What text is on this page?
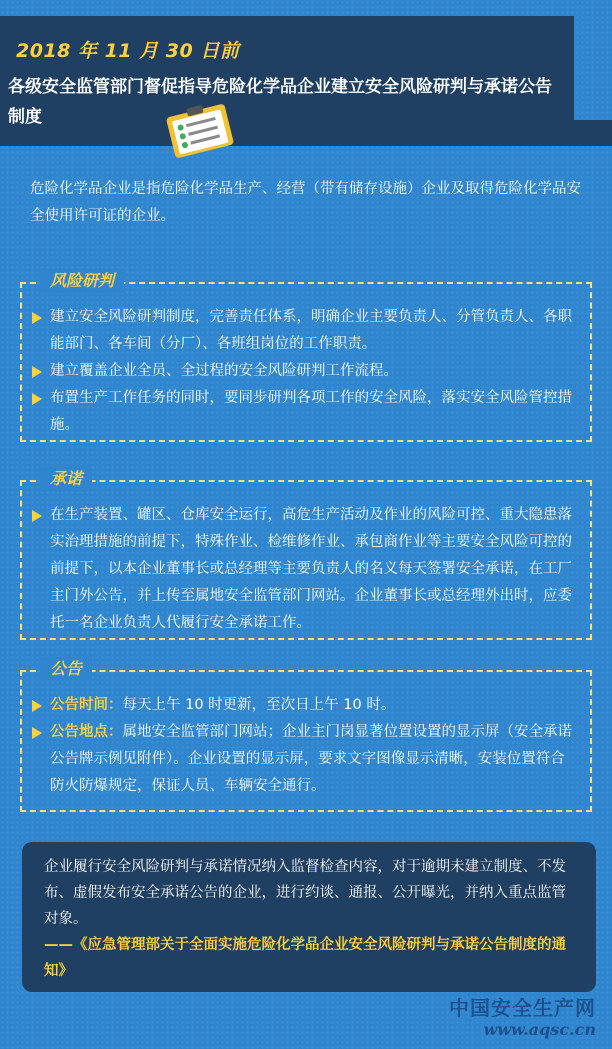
2018 年 11 月 30 日前
各级安全监管部门督促指导危险化学品企业建立安全风险研判与承诺公告制度
危险化学品企业是指危险化学品生产、经营（带有储存设施）企业及取得危险化学品安全使用许可证的企业。
风险研判
建立安全风险研判制度，完善责任体系，明确企业主要负责人、分管负责人、各职能部门、各车间（分厂）、各班组岗位的工作职责。
建立覆盖企业全员、全过程的安全风险研判工作流程。
布置生产工作任务的同时，要同步研判各项工作的安全风险，落实安全风险管控措施。
承诺
在生产装置、罐区、仓库安全运行，高危生产活动及作业的风险可控、重大隐患落实治理措施的前提下，特殊作业、检维修作业、承包商作业等主要安全风险可控的前提下，以本企业董事长或总经理等主要负责人的名义每天签署安全承诺，在工厂主门外公告，并上传至属地安全监管部门网站。企业董事长或总经理外出时，应委托一名企业负责人代履行安全承诺工作。
公告
公告时间：每天上午 10 时更新，至次日上午 10 时。
公告地点：属地安全监管部门网站；企业主门岗显著位置设置的显示屏（安全承诺公告牌示例见附件）。企业设置的显示屏，要求文字图像显示清晰，安装位置符合防火防爆规定，保证人员、车辆安全通行。
企业履行安全风险研判与承诺情况纳入监督检查内容，对于逾期未建立制度、不发布、虚假发布安全承诺公告的企业，进行约谈、通报、公开曝光，并纳入重点监管对象。
——《应急管理部关于全面实施危险化学品企业安全风险研判与承诺公告制度的通知》
中国安全生产网
www.aqsc.cn
